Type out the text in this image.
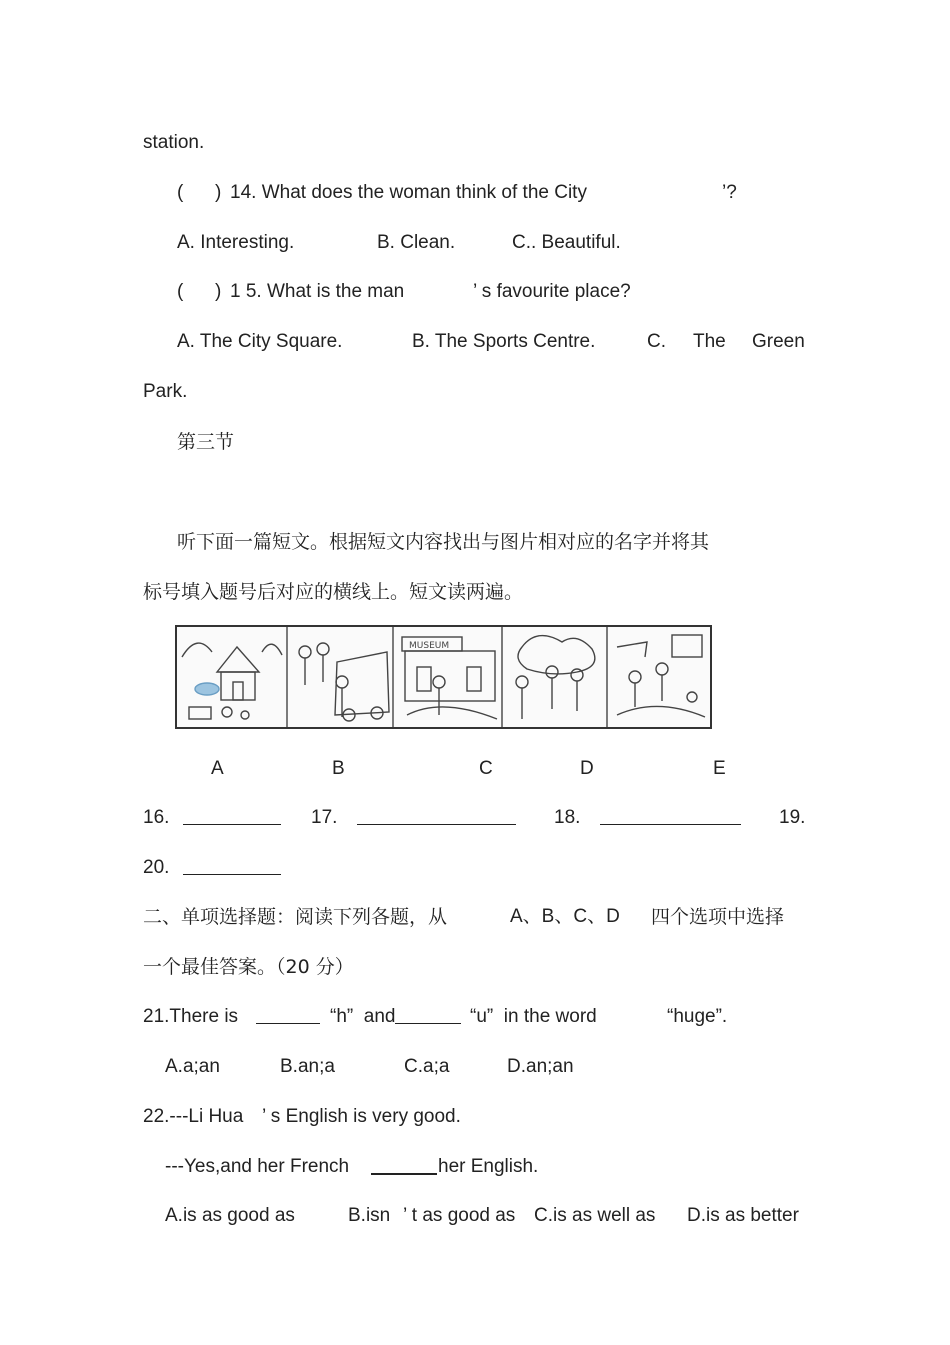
station.
(      ) 14. What does the woman think of the City	’?
A. Interesting.	B. Clean.	C.. Beautiful.
(      ) 1 5. What is the man	’ s favourite place?
A. The City Square.	B. The Sports Centre.	C. The Green
Park.
第三节
听下面一篇短文。根据短文内容找出与图片相对应的名字并将其
标号填入题号后对应的横线上。短文读两遍。
MUSEUM
A	B	C	D	E
16.	17.	18.	19.
20.
二、单项选择题：阅读下列各题，从	A、B、C、D 四个选项中选择
一个最佳答案。（20 分）
21.There is	“h”  and	“u”  in the word	“huge”.
A.a;an	B.an;a	C.a;a	D.an;an
22.---Li Hua ’ s English is very good.
---Yes,and her French	her English.
A.is as good as	B.isn ’ t as good as C.is as well as D.is as better
